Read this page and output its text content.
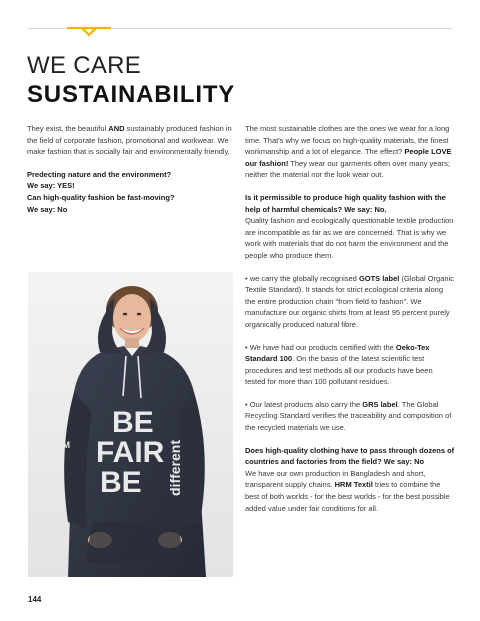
WE CARE
SUSTAINABILITY

They exist, the beautiful AND sustainably produced fashion in the field of corporate fashion, promotional and workwear. We make fashion that is socially fair and environmentally friendly.

Predecting nature and the environment?
We say: YES!
Can high-quality fashion be fast-moving?
We say: No
BE
FAIR
BE different
RM

The most sustainable clothes are the ones we wear for a long time. That's why we focus on high-quality materials, the finest workmanship and a lot of elegance. The effect? People LOVE our fashion! They wear our garments often over many years; neither the material nor the look wear out.

Is it permissible to produce high quality fashion with the help of harmful chemicals? We say: No.

Quality fashion and ecologically questionable textile production are incompatible as far as we are concerned. That is why we work with materials that do not harm the environment and the people who produce them.

• we carry the globally recognised GOTS label (Global Organic Textile Standard). It stands for strict ecological criteria along the entire production chain "from field to fashion". We manufacture our organic shirts from at least 95 percent purely organically produced natural fibre.

• We have had our products certified with the Oeko-Tex Standard 100. On the basis of the latest scientific test procedures and test methods all our products have been tested for more than 100 pollutant residues.

• Our latest products also carry the GRS label. The Global Recycling Standard verifies the traceability and composition of the recycled materials we use.

Does high-quality clothing have to pass through dozens of countries and factories from the field? We say: No

We have our own production in Bangladesh and short, transparent supply chains. HRM Textil tries to combine the best of both worlds - for the best worlds - for the best possible added value under fair conditions for all.

144
